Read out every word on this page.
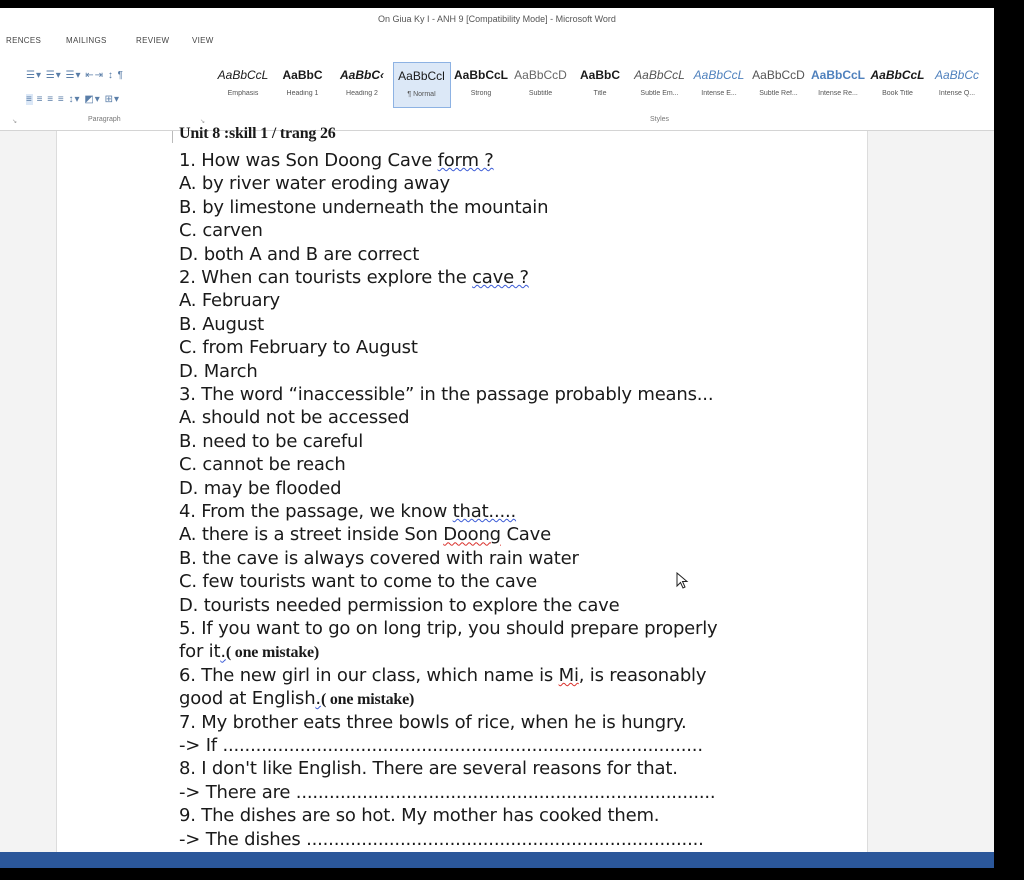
On Giua Ky I - ANH 9 [Compatibility Mode] - Microsoft Word
RENCES	MAILINGS	REVIEW	VIEW
☰▾ ☰▾ ☰▾ ⇤⇥ ↕ ¶
≡ ≡ ≡ ≡ ↕▾ ◩▾ ⊞▾
Paragraph	↘
↘
AaBbCcL
Emphasis
AaBbC
Heading 1
AaBbC‹
Heading 2
AaBbCcl
¶ Normal
AaBbCcL
Strong
AaBbCcD
Subtitle
AaBbC
Title
AaBbCcL
Subtle Em...
AaBbCcL
Intense E...
AaBbCcD
Subtle Ref...
AaBbCcL
Intense Re...
AaBbCcL
Book Title
AaBbCc
Intense Q...
Styles
Unit 8 :skill 1 / trang 26
1. How was Son Doong Cave form ?
A. by river water eroding away
B. by limestone underneath the mountain
C. carven
D. both A and B are correct
2. When can tourists explore the cave ?
A. February
B. August
C. from February to August
D. March
3. The word “inaccessible” in the passage probably means...
A. should not be accessed
B. need to be careful
C. cannot be reach
D. may be flooded
4. From the passage, we know that.....
A. there is a street inside Son Doong Cave
B. the cave is always covered with rain water
C. few tourists want to come to the cave
D. tourists needed permission to explore the cave
5. If you want to go on long trip, you should prepare properly
for it.( one mistake)
6. The new girl in our class, which name is Mi, is reasonably
good at English.( one mistake)
7. My brother eats three bowls of rice, when he is hungry.
-> If .......................................................................................
8. I don't like English. There are several reasons for that.
-> There are ............................................................................
9. The dishes are so hot. My mother has cooked them.
-> The dishes ........................................................................
